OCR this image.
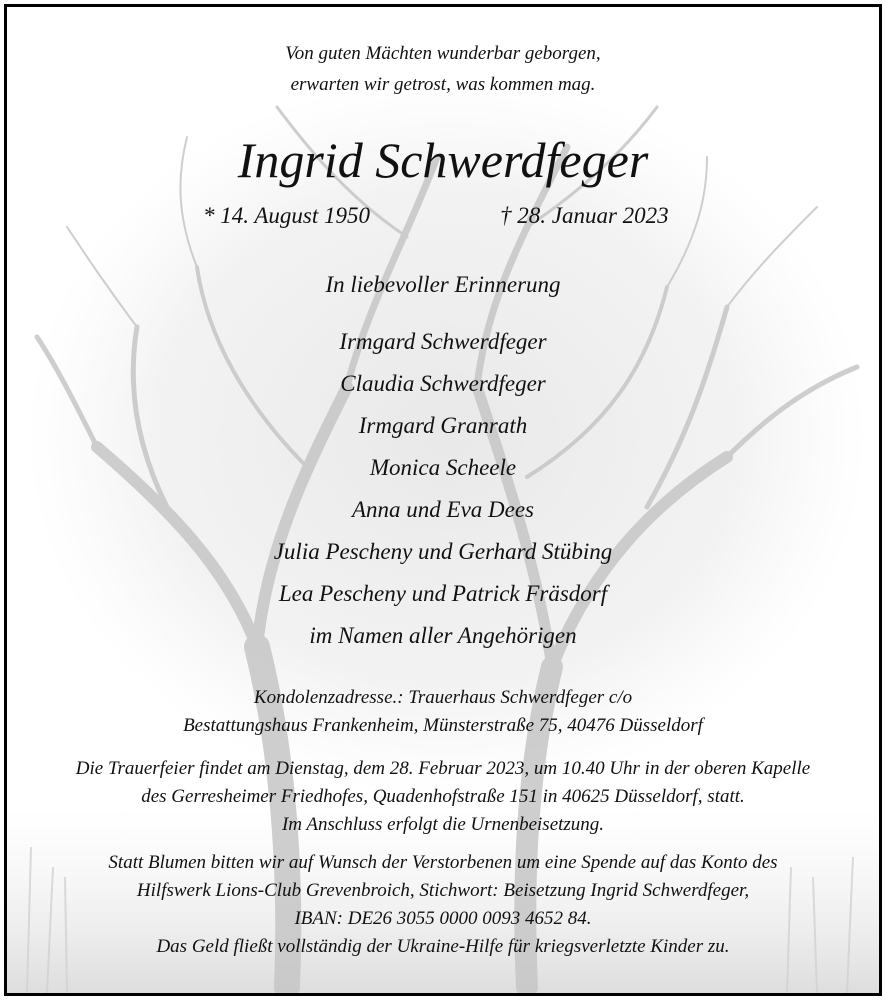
Von guten Mächten wunderbar geborgen,
erwarten wir getrost, was kommen mag.
Ingrid Schwerdfeger
* 14. August 1950	† 28. Januar 2023
In liebevoller Erinnerung
Irmgard Schwerdfeger
Claudia Schwerdfeger
Irmgard Granrath
Monica Scheele
Anna und Eva Dees
Julia Pescheny und Gerhard Stübing
Lea Pescheny und Patrick Fräsdorf
im Namen aller Angehörigen
Kondolenzadresse.: Trauerhaus Schwerdfeger c/o
Bestattungshaus Frankenheim, Münsterstraße 75, 40476 Düsseldorf
Die Trauerfeier findet am Dienstag, dem 28. Februar 2023, um 10.40 Uhr in der oberen Kapelle
des Gerresheimer Friedhofes, Quadenhofstraße 151 in 40625 Düsseldorf, statt.
Im Anschluss erfolgt die Urnenbeisetzung.
Statt Blumen bitten wir auf Wunsch der Verstorbenen um eine Spende auf das Konto des
Hilfswerk Lions-Club Grevenbroich, Stichwort: Beisetzung Ingrid Schwerdfeger,
IBAN: DE26 3055 0000 0093 4652 84.
Das Geld fließt vollständig der Ukraine-Hilfe für kriegsverletzte Kinder zu.
